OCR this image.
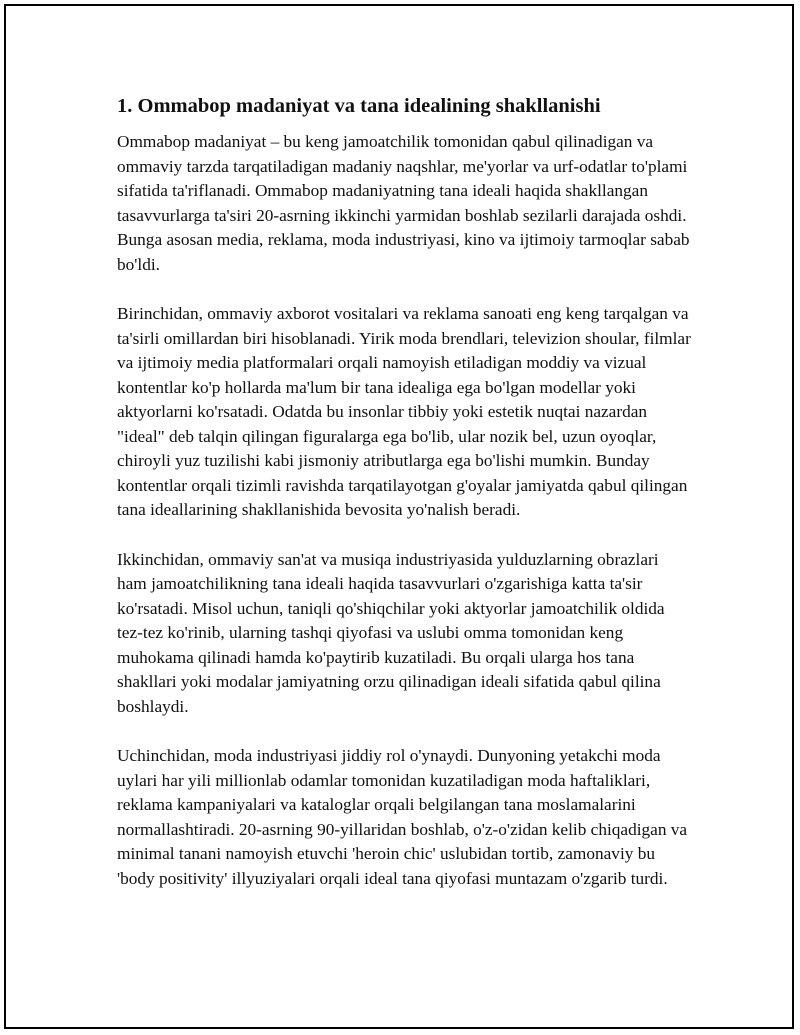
1. Ommabop madaniyat va tana idealining shakllanishi

Ommabop madaniyat – bu keng jamoatchilik tomonidan qabul qilinadigan va ommaviy tarzda tarqatiladigan madaniy naqshlar, me'yorlar va urf-odatlar to'plami sifatida ta'riflanadi. Ommabop madaniyatning tana ideali haqida shakllangan tasavvurlarga ta'siri 20-asrning ikkinchi yarmidan boshlab sezilarli darajada oshdi. Bunga asosan media, reklama, moda industriyasi, kino va ijtimoiy tarmoqlar sabab bo'ldi.

Birinchidan, ommaviy axborot vositalari va reklama sanoati eng keng tarqalgan va ta'sirli omillardan biri hisoblanadi. Yirik moda brendlari, televizion shoular, filmlar va ijtimoiy media platformalari orqali namoyish etiladigan moddiy va vizual kontentlar ko'p hollarda ma'lum bir tana idealiga ega bo'lgan modellar yoki aktyorlarni ko'rsatadi. Odatda bu insonlar tibbiy yoki estetik nuqtai nazardan "ideal" deb talqin qilingan figuralarga ega bo'lib, ular nozik bel, uzun oyoqlar, chiroyli yuz tuzilishi kabi jismoniy atributlarga ega bo'lishi mumkin. Bunday kontentlar orqali tizimli ravishda tarqatilayotgan g'oyalar jamiyatda qabul qilingan tana ideallarining shakllanishida bevosita yo'nalish beradi.

Ikkinchidan, ommaviy san'at va musiqa industriyasida yulduzlarning obrazlari ham jamoatchilikning tana ideali haqida tasavvurlari o'zgarishiga katta ta'sir ko'rsatadi. Misol uchun, taniqli qo'shiqchilar yoki aktyorlar jamoatchilik oldida tez-tez ko'rinib, ularning tashqi qiyofasi va uslubi omma tomonidan keng muhokama qilinadi hamda ko'paytirib kuzatiladi. Bu orqali ularga hos tana shakllari yoki modalar jamiyatning orzu qilinadigan ideali sifatida qabul qilina boshlaydi.

Uchinchidan, moda industriyasi jiddiy rol o'ynaydi. Dunyoning yetakchi moda uylari har yili millionlab odamlar tomonidan kuzatiladigan moda haftaliklari, reklama kampaniyalari va kataloglar orqali belgilangan tana moslamalarini normallashtiradi. 20-asrning 90-yillaridan boshlab, o'z-o'zidan kelib chiqadigan va minimal tanani namoyish etuvchi 'heroin chic' uslubidan tortib, zamonaviy bu 'body positivity' illyuziyalari orqali ideal tana qiyofasi muntazam o'zgarib turdi.
